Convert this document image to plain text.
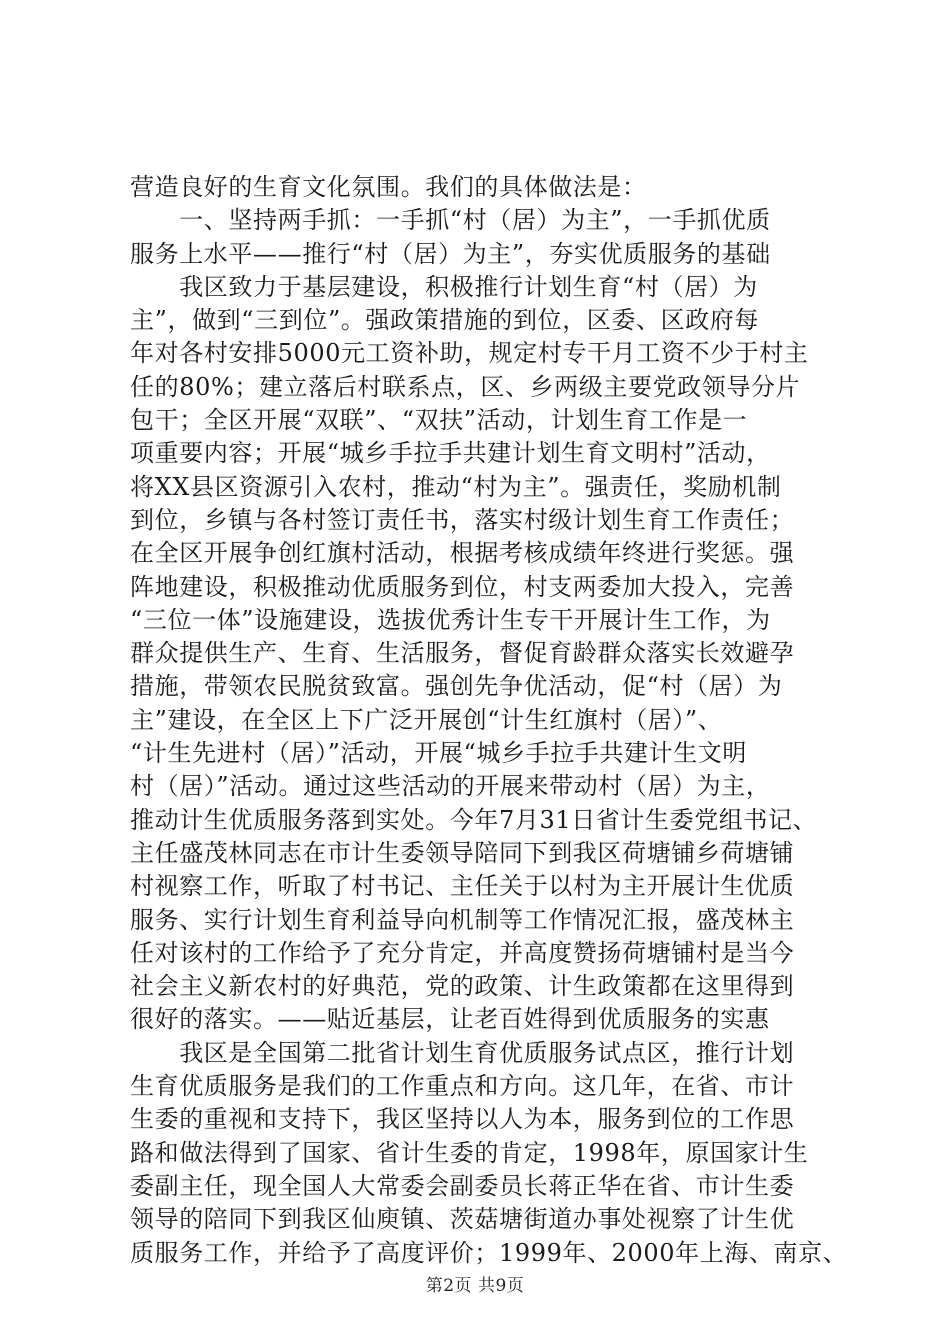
营造良好的生育文化氛围。我们的具体做法是：
　　一、坚持两手抓：一手抓“村（居）为主”，一手抓优质
服务上水平——推行“村（居）为主”，夯实优质服务的基础
　　我区致力于基层建设，积极推行计划生育“村（居）为
主”，做到“三到位”。强政策措施的到位，区委、区政府每
年对各村安排5000元工资补助，规定村专干月工资不少于村主
任的80%；建立落后村联系点，区、乡两级主要党政领导分片
包干；全区开展“双联”、“双扶”活动，计划生育工作是一
项重要内容；开展“城乡手拉手共建计划生育文明村”活动，
将XX县区资源引入农村，推动“村为主”。强责任，奖励机制
到位，乡镇与各村签订责任书，落实村级计划生育工作责任；
在全区开展争创红旗村活动，根据考核成绩年终进行奖惩。强
阵地建设，积极推动优质服务到位，村支两委加大投入，完善
“三位一体”设施建设，选拔优秀计生专干开展计生工作，为
群众提供生产、生育、生活服务，督促育龄群众落实长效避孕
措施，带领农民脱贫致富。强创先争优活动，促“村（居）为
主”建设，在全区上下广泛开展创“计生红旗村（居）”、
“计生先进村（居）”活动，开展“城乡手拉手共建计生文明
村（居）”活动。通过这些活动的开展来带动村（居）为主，
推动计生优质服务落到实处。今年7月31日省计生委党组书记、
主任盛茂林同志在市计生委领导陪同下到我区荷塘铺乡荷塘铺
村视察工作，听取了村书记、主任关于以村为主开展计生优质
服务、实行计划生育利益导向机制等工作情况汇报，盛茂林主
任对该村的工作给予了充分肯定，并高度赞扬荷塘铺村是当今
社会主义新农村的好典范，党的政策、计生政策都在这里得到
很好的落实。——贴近基层，让老百姓得到优质服务的实惠
　　我区是全国第二批省计划生育优质服务试点区，推行计划
生育优质服务是我们的工作重点和方向。这几年，在省、市计
生委的重视和支持下，我区坚持以人为本，服务到位的工作思
路和做法得到了国家、省计生委的肯定，1998年，原国家计生
委副主任，现全国人大常委会副委员长蒋正华在省、市计生委
领导的陪同下到我区仙庾镇、茨菇塘街道办事处视察了计生优
质服务工作，并给予了高度评价；1999年、2000年上海、南京、
第2页 共9页
